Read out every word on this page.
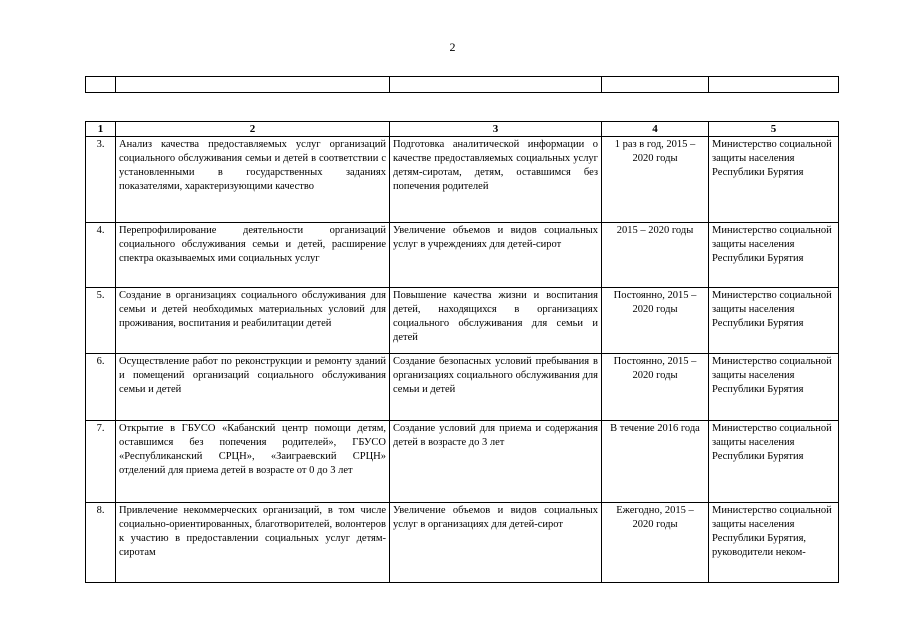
2

1	2	3	4	5
3.	Анализ качества предоставляемых услуг организаций социального обслуживания семьи и детей в соответствии с установленными в государственных заданиях показателями, характеризующими качество	Подготовка аналитической информации о качестве предоставляемых социальных услуг детям-сиротам, детям, оставшимся без попечения родителей	1 раз в год, 2015 – 2020 годы	Министерство социальной защиты населения Республики Бурятия
4.	Перепрофилирование деятельности организаций социального обслуживания семьи и детей, расширение спектра оказываемых ими социальных услуг	Увеличение объемов и видов социальных услуг в учреждениях для детей-сирот	2015 – 2020 годы	Министерство социальной защиты населения Республики Бурятия
5.	Создание в организациях социального обслуживания для семьи и детей необходимых материальных условий для проживания, воспитания и реабилитации детей	Повышение качества жизни и воспитания детей, находящихся в организациях социального обслуживания для семьи и детей	Постоянно, 2015 – 2020 годы	Министерство социальной защиты населения Республики Бурятия
6.	Осуществление работ по реконструкции и ремонту зданий и помещений организаций социального обслуживания семьи и детей	Создание безопасных условий пребывания в организациях социального обслуживания для семьи и детей	Постоянно, 2015 – 2020 годы	Министерство социальной защиты населения Республики Бурятия
7.	Открытие в ГБУСО «Кабанский центр помощи детям, оставшимся без попечения родителей», ГБУСО «Республиканский СРЦН», «Заиграевский СРЦН» отделений для приема детей в возрасте от 0 до 3 лет	Создание условий для приема и содержания детей в возрасте до 3 лет	В течение 2016 года	Министерство социальной защиты населения Республики Бурятия
8.	Привлечение некоммерческих организаций, в том числе социально-ориентированных, благотворителей, волонтеров к участию в предоставлении социальных услуг детям-сиротам	Увеличение объемов и видов социальных услуг в организациях для детей-сирот	Ежегодно, 2015 – 2020 годы	Министерство социальной защиты населения Республики Бурятия, руководители неком-
